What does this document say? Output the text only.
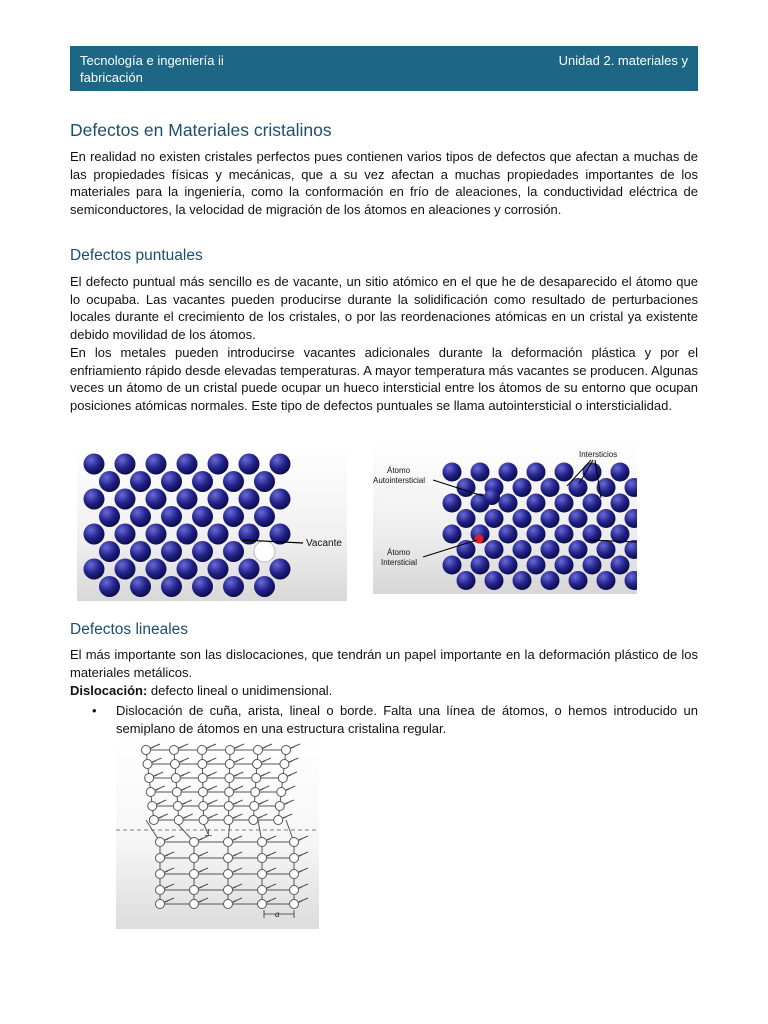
Tecnología e ingeniería ii fabricación
Unidad 2. materiales y
Defectos en Materiales cristalinos

En realidad no existen cristales perfectos pues contienen varios tipos de defectos que afectan a muchas de las propiedades físicas y mecánicas, que a su vez afectan a muchas propiedades importantes de los materiales para la ingeniería, como la conformación en frío de aleaciones, la conductividad eléctrica de semiconductores, la velocidad de migración de los átomos en aleaciones y corrosión.

Defectos puntuales

El defecto puntual más sencillo es de vacante, un sitio atómico en el que he de desaparecido el átomo que lo ocupaba. Las vacantes pueden producirse durante la solidificación como resultado de perturbaciones locales durante el crecimiento de los cristales, o por las reordenaciones atómicas en un cristal ya existente debido movilidad de los átomos.

En los metales pueden introducirse vacantes adicionales durante la deformación plástica y por el enfriamiento rápido desde elevadas temperaturas. A mayor temperatura más vacantes se producen. Algunas veces un átomo de un cristal puede ocupar un hueco intersticial entre los átomos de su entorno que ocupan posiciones atómicas normales. Este tipo de defectos puntuales se llama autointersticial o intersticialidad.

Vacante
Intersticios
Átomo
Autointersticial
Átomo
Intersticial
Defectos lineales

El más importante son las dislocaciones, que tendrán un papel importante en la deformación plástico de los materiales metálicos.

Dislocación: defecto lineal o unidimensional.

• Dislocación de cuña, arista, lineal o borde. Falta una línea de átomos, o hemos introducido un semiplano de átomos en una estructura cristalina regular.
⊥
a
